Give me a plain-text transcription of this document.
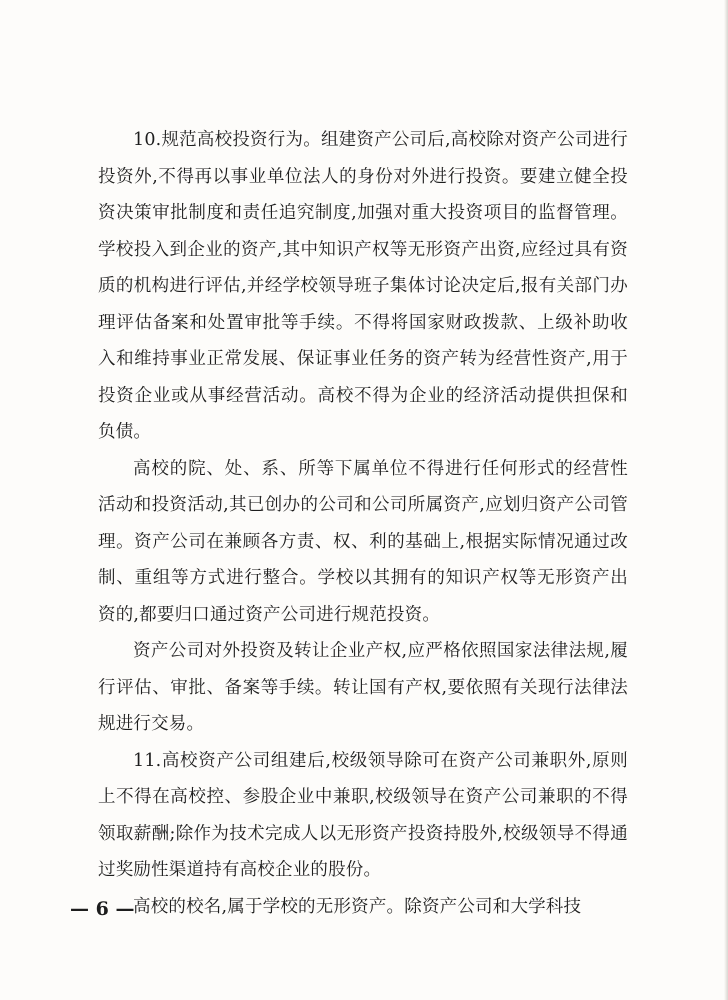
10.规范高校投资行为。组建资产公司后,高校除对资产公司进行投资外,不得再以事业单位法人的身份对外进行投资。要建立健全投资决策审批制度和责任追究制度,加强对重大投资项目的监督管理。学校投入到企业的资产,其中知识产权等无形资产出资,应经过具有资质的机构进行评估,并经学校领导班子集体讨论决定后,报有关部门办理评估备案和处置审批等手续。不得将国家财政拨款、上级补助收入和维持事业正常发展、保证事业任务的资产转为经营性资产,用于投资企业或从事经营活动。高校不得为企业的经济活动提供担保和负债。

高校的院、处、系、所等下属单位不得进行任何形式的经营性活动和投资活动,其已创办的公司和公司所属资产,应划归资产公司管理。资产公司在兼顾各方责、权、利的基础上,根据实际情况通过改制、重组等方式进行整合。学校以其拥有的知识产权等无形资产出资的,都要归口通过资产公司进行规范投资。

资产公司对外投资及转让企业产权,应严格依照国家法律法规,履行评估、审批、备案等手续。转让国有产权,要依照有关现行法律法规进行交易。

11.高校资产公司组建后,校级领导除可在资产公司兼职外,原则上不得在高校控、参股企业中兼职,校级领导在资产公司兼职的不得领取薪酬;除作为技术完成人以无形资产投资持股外,校级领导不得通过奖励性渠道持有高校企业的股份。

高校的校名,属于学校的无形资产。除资产公司和大学科技

— 6 —
